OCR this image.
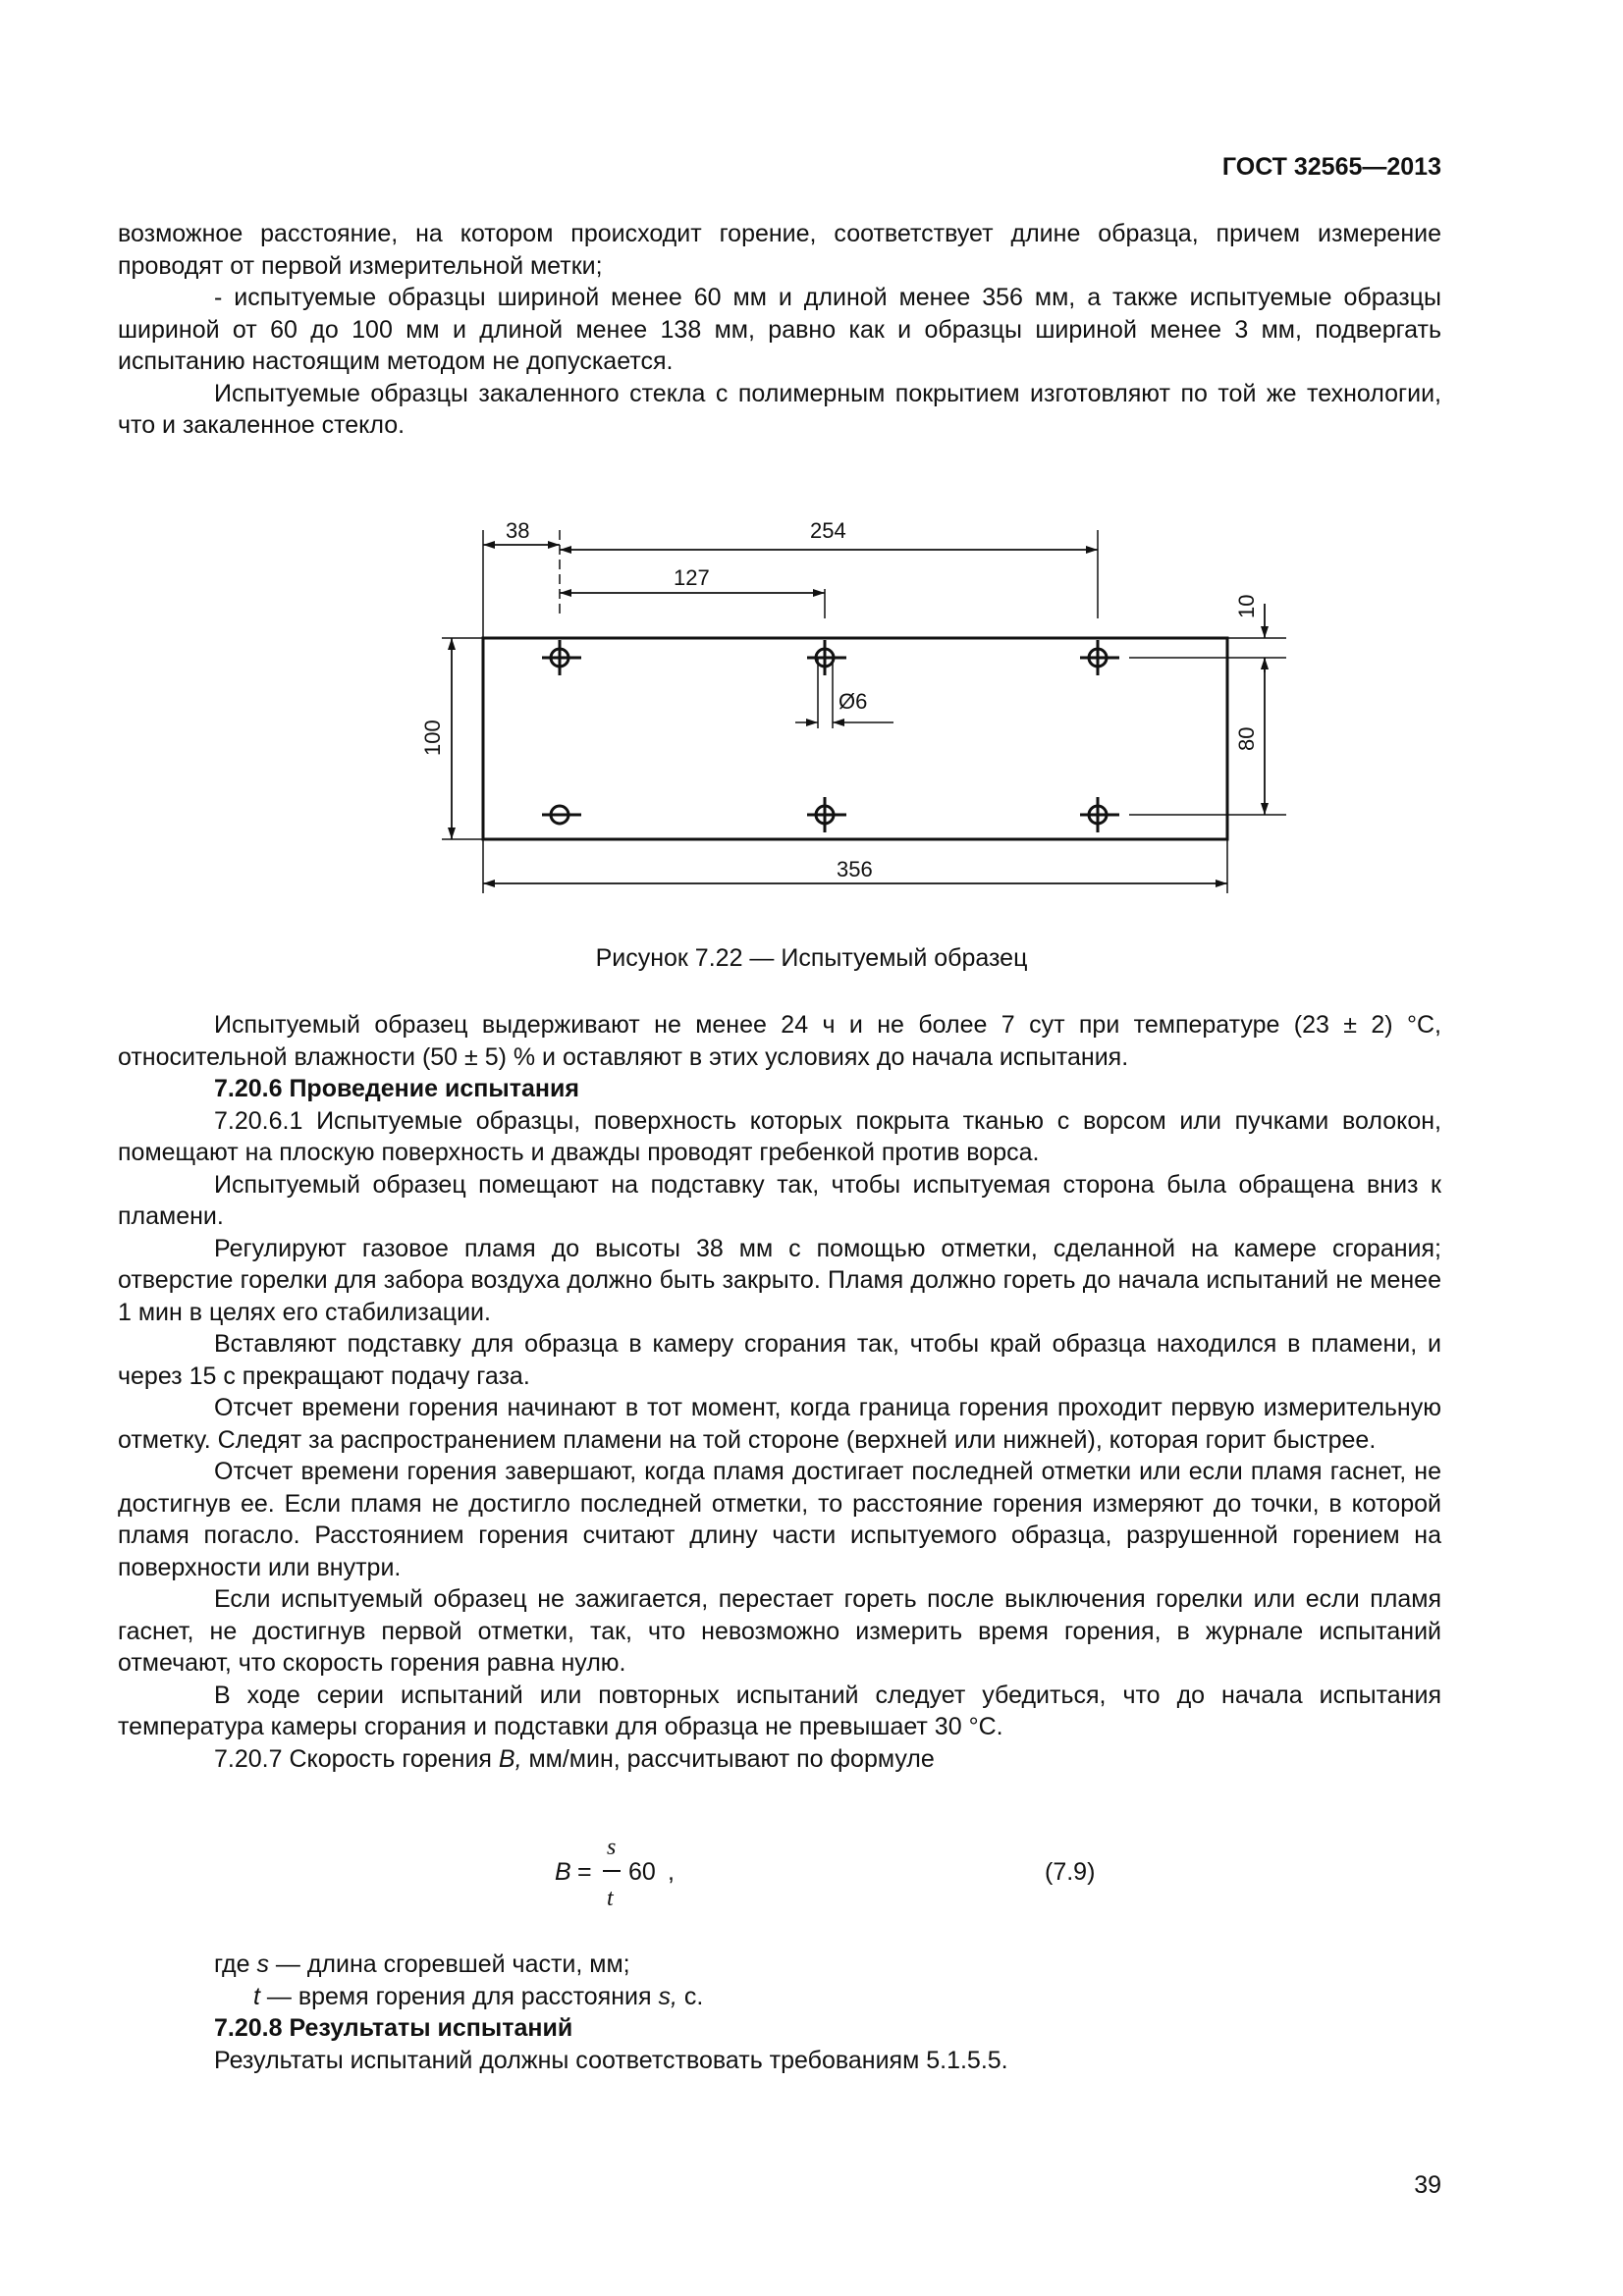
ГОСТ 32565—2013

возможное расстояние, на котором происходит горение, соответствует длине образца, причем измерение проводят от первой измерительной метки;

- испытуемые образцы шириной менее 60 мм и длиной менее 356 мм, а также испытуемые образцы шириной от 60 до 100 мм и длиной менее 138 мм, равно как и образцы шириной менее 3 мм, подвергать испытанию настоящим методом не допускается.

Испытуемые образцы закаленного стекла с полимерным покрытием изготовляют по той же технологии, что и закаленное стекло.

38	254
127
Ø6
356
100	80
10
Рисунок 7.22 — Испытуемый образец

Испытуемый образец выдерживают не менее 24 ч и не более 7 сут при температуре (23 ± 2) °С, относительной влажности (50 ± 5) % и оставляют в этих условиях до начала испытания.

7.20.6 Проведение испытания

7.20.6.1 Испытуемые образцы, поверхность которых покрыта тканью с ворсом или пучками волокон, помещают на плоскую поверхность и дважды проводят гребенкой против ворса.

Испытуемый образец помещают на подставку так, чтобы испытуемая сторона была обращена вниз к пламени.

Регулируют газовое пламя до высоты 38 мм с помощью отметки, сделанной на камере сгорания; отверстие горелки для забора воздуха должно быть закрыто. Пламя должно гореть до начала испытаний не менее 1 мин в целях его стабилизации.

Вставляют подставку для образца в камеру сгорания так, чтобы край образца находился в пламени, и через 15 с прекращают подачу газа.

Отсчет времени горения начинают в тот момент, когда граница горения проходит первую измерительную отметку. Следят за распространением пламени на той стороне (верхней или нижней), которая горит быстрее.

Отсчет времени горения завершают, когда пламя достигает последней отметки или если пламя гаснет, не достигнув ее. Если пламя не достигло последней отметки, то расстояние горения измеряют до точки, в которой пламя погасло. Расстоянием горения считают длину части испытуемого образца, разрушенной горением на поверхности или внутри.

Если испытуемый образец не зажигается, перестает гореть после выключения горелки или если пламя гаснет, не достигнув первой отметки, так, что невозможно измерить время горения, в журнале испытаний отмечают, что скорость горения равна нулю.

В ходе серии испытаний или повторных испытаний следует убедиться, что до начала испытания температура камеры сгорания и подставки для образца не превышает 30 °С.

7.20.7 Скорость горения В, мм/мин, рассчитывают по формуле

В =
s
t
60 ,	(7.9)

где s — длина сгоревшей части, мм;

t — время горения для расстояния s, с.

7.20.8 Результаты испытаний

Результаты испытаний должны соответствовать требованиям 5.1.5.5.

39
